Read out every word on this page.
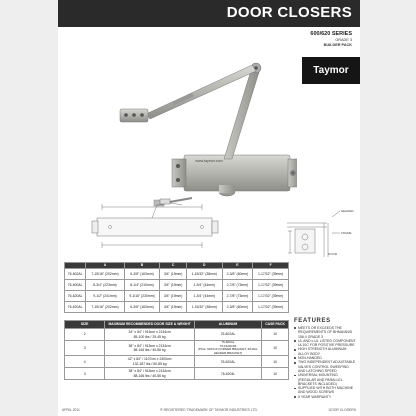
DOOR CLOSERS
600/620 SERIES
GRADE 3
BUILDER PACK
Taymor
www.taymor.com
HEADER
FRAME
DOOR
	A	B	C	D	E	F
76-602AL	7-15/16" (202mm)	6-3/8" (163mm)	3/4" (19mm)	1-15/32" (38mm)	2-3/8" (60mm)	1-17/32" (39mm)
76-600AL	8-3/4" (223mm)	8-1/4" (210mm)	3/4" (19mm)	1-3/4" (44mm)	2-7/8" (73mm)	1-17/32" (39mm)
76-620AL	9-1/2" (241mm)	9-1/16" (230mm)	3/4" (19mm)	1-3/4" (44mm)	2-7/8" (73mm)	1-17/32" (39mm)
76-620AL	7-15/16" (202mm)	6-3/8" (163mm)	3/4" (19mm)	1-15/32" (38mm)	2-3/8" (60mm)	1-17/32" (39mm)
SIZE	MAXIMUM RECOMMENDED DOOR SIZE & WEIGHT	ALUMINUM	CASE PACK
2	34" x 84" / 915cm x 2134cm
85-100 lbs / 29-45 kg	76-602AL	10
3	38" x 84" / 915cm x 2134cm
88-164 lbs / 40-56 kg	76-600AL
76-1620CZ6
(PKG: 610X13 CORNER BRACKET, 6X10LL HEADER BRACKET)	10
4	42" x 84" / 1107cm x 2400cm
132-187 lbs / 60-85 kg	76-620AL	10
3	38" x 84" / 915cm x 2134cm
88-166 lbs / 40-56 kg	76-6204L	10
FEATURES
MEETS OR EXCEEDS THE REQUIREMENTS OF BHMA/ANSI 156.4 GRADE 3
UL AND c-UL LISTED COMPONENT UL10C FOR POSITIVE PRESSURE
HIGH STRENGTH ALUMINUM ALLOY BODY
NON-HANDED
TWO INDEPENDENT ADJUSTABLE VALVES CONTROL SWEEPING AND LATCHING SPEED
UNIVERSAL MOUNTING (REGULAR AND PARALLEL BRACKETS INCLUDED)
SUPPLIED WITH BOTH MACHINE AND WOOD SCREWS
5 YEAR WARRANTY
APRIL 2011	® REGISTERED TRADEMARK OF TAYMOR INDUSTRIES LTD.	DOOR CLOSERS
